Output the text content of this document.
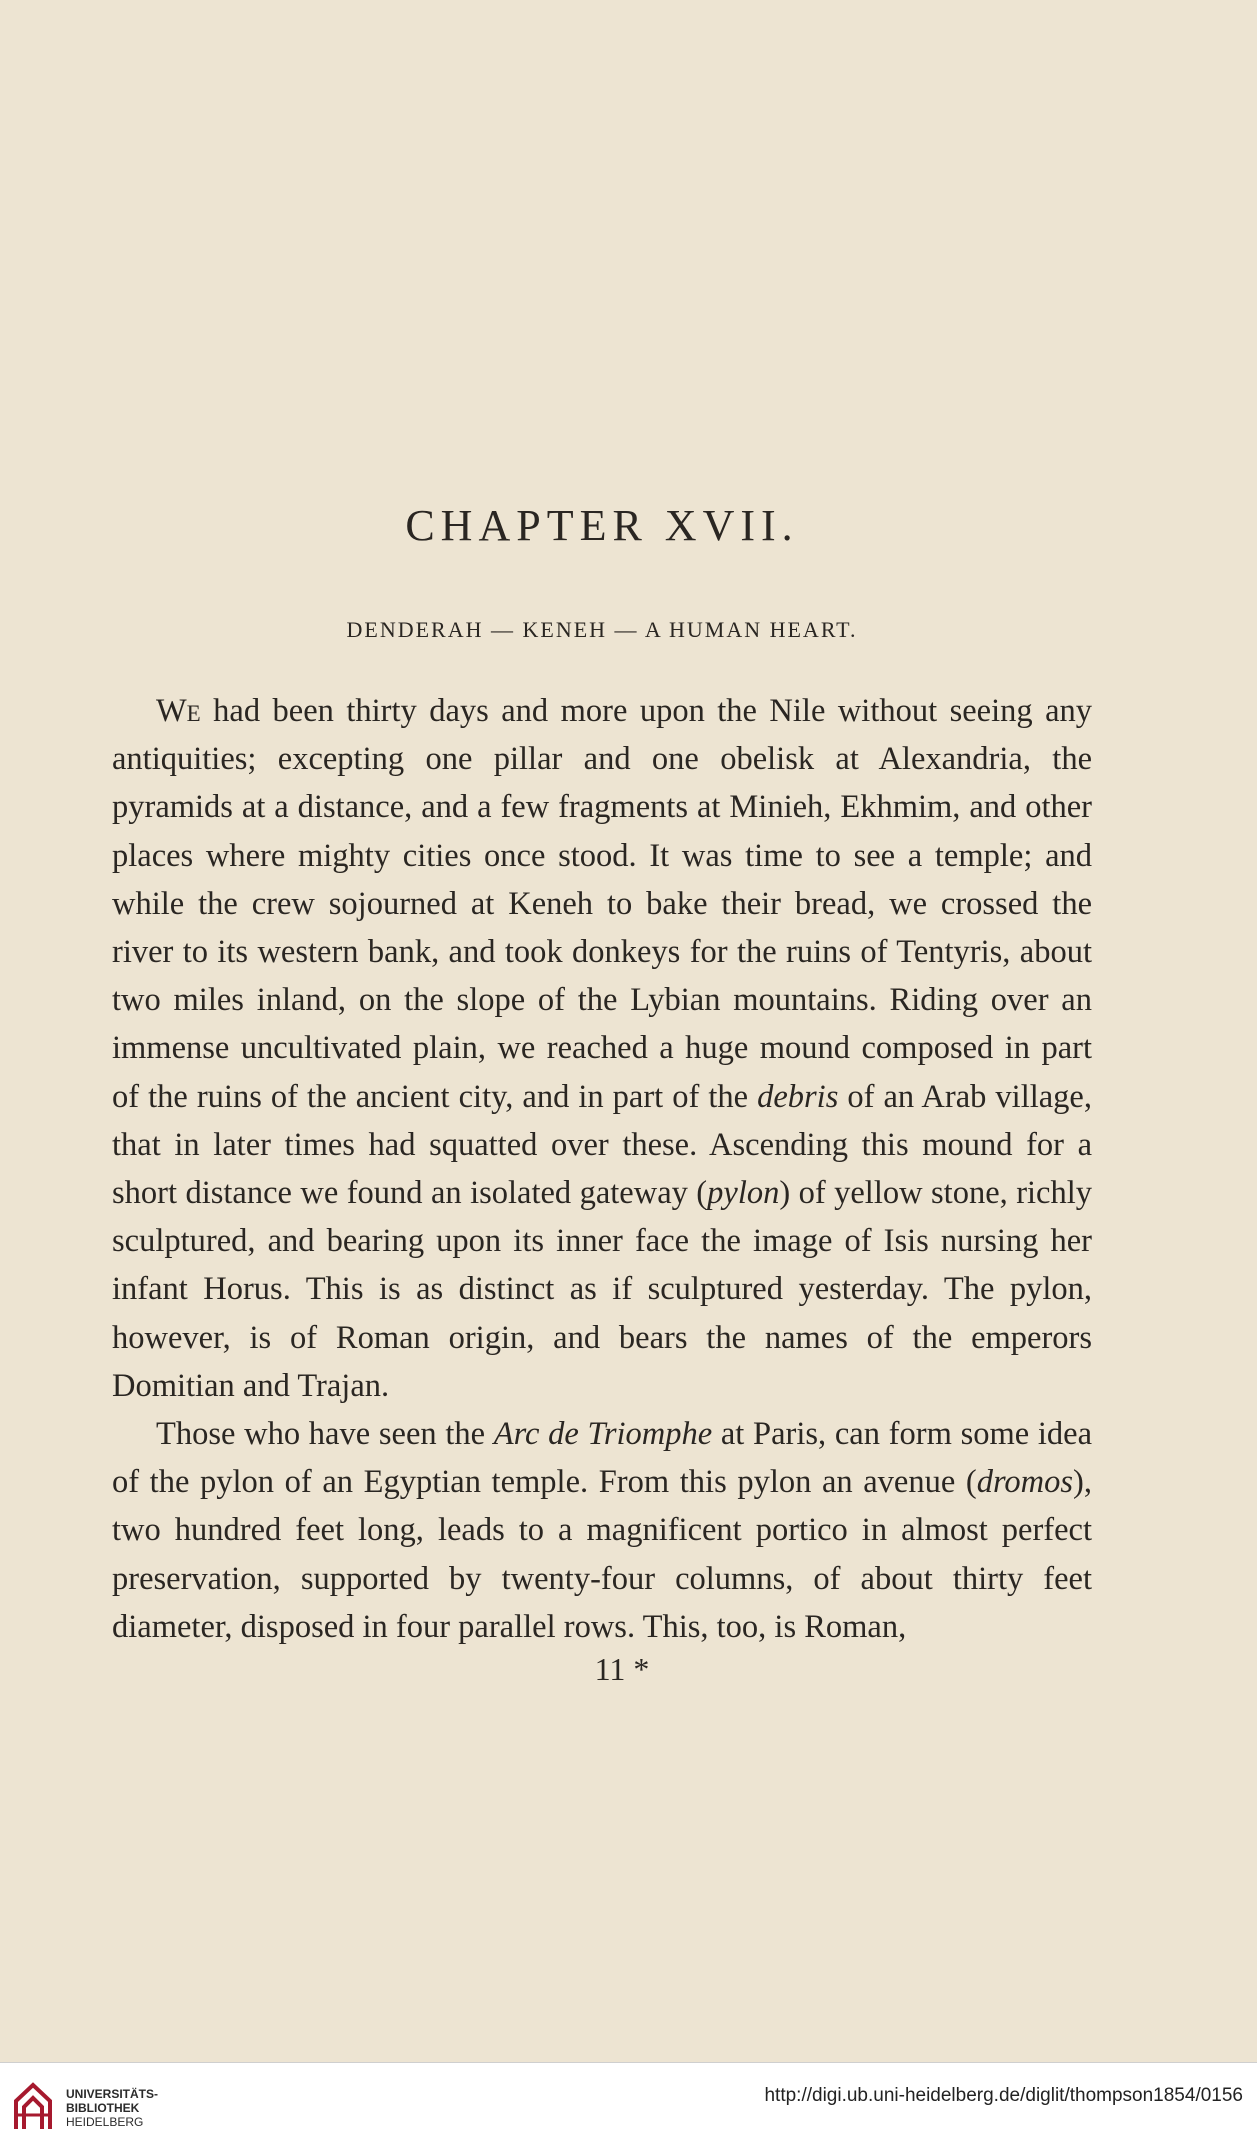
CHAPTER XVII.
DENDERAH — KENEH — A HUMAN HEART.

We had been thirty days and more upon the Nile without seeing any antiquities; excepting one pillar and one obelisk at Alexandria, the pyramids at a distance, and a few fragments at Minieh, Ekhmim, and other places where mighty cities once stood. It was time to see a temple; and while the crew sojourned at Keneh to bake their bread, we crossed the river to its western bank, and took donkeys for the ruins of Tentyris, about two miles inland, on the slope of the Lybian mountains. Riding over an immense uncultivated plain, we reached a huge mound composed in part of the ruins of the ancient city, and in part of the debris of an Arab village, that in later times had squatted over these. Ascending this mound for a short distance we found an isolated gateway (pylon) of yellow stone, richly sculptured, and bearing upon its inner face the image of Isis nursing her infant Horus. This is as distinct as if sculptured yesterday. The pylon, however, is of Roman origin, and bears the names of the emperors Domitian and Trajan.

Those who have seen the Arc de Triomphe at Paris, can form some idea of the pylon of an Egyptian temple. From this pylon an avenue (dromos), two hundred feet long, leads to a magnificent portico in almost perfect preservation, supported by twenty-four columns, of about thirty feet diameter, disposed in four parallel rows. This, too, is Roman,

11 *
UNIVERSITÄTS-
BIBLIOTHEK
HEIDELBERG
http://digi.ub.uni-heidelberg.de/diglit/thompson1854/0156
